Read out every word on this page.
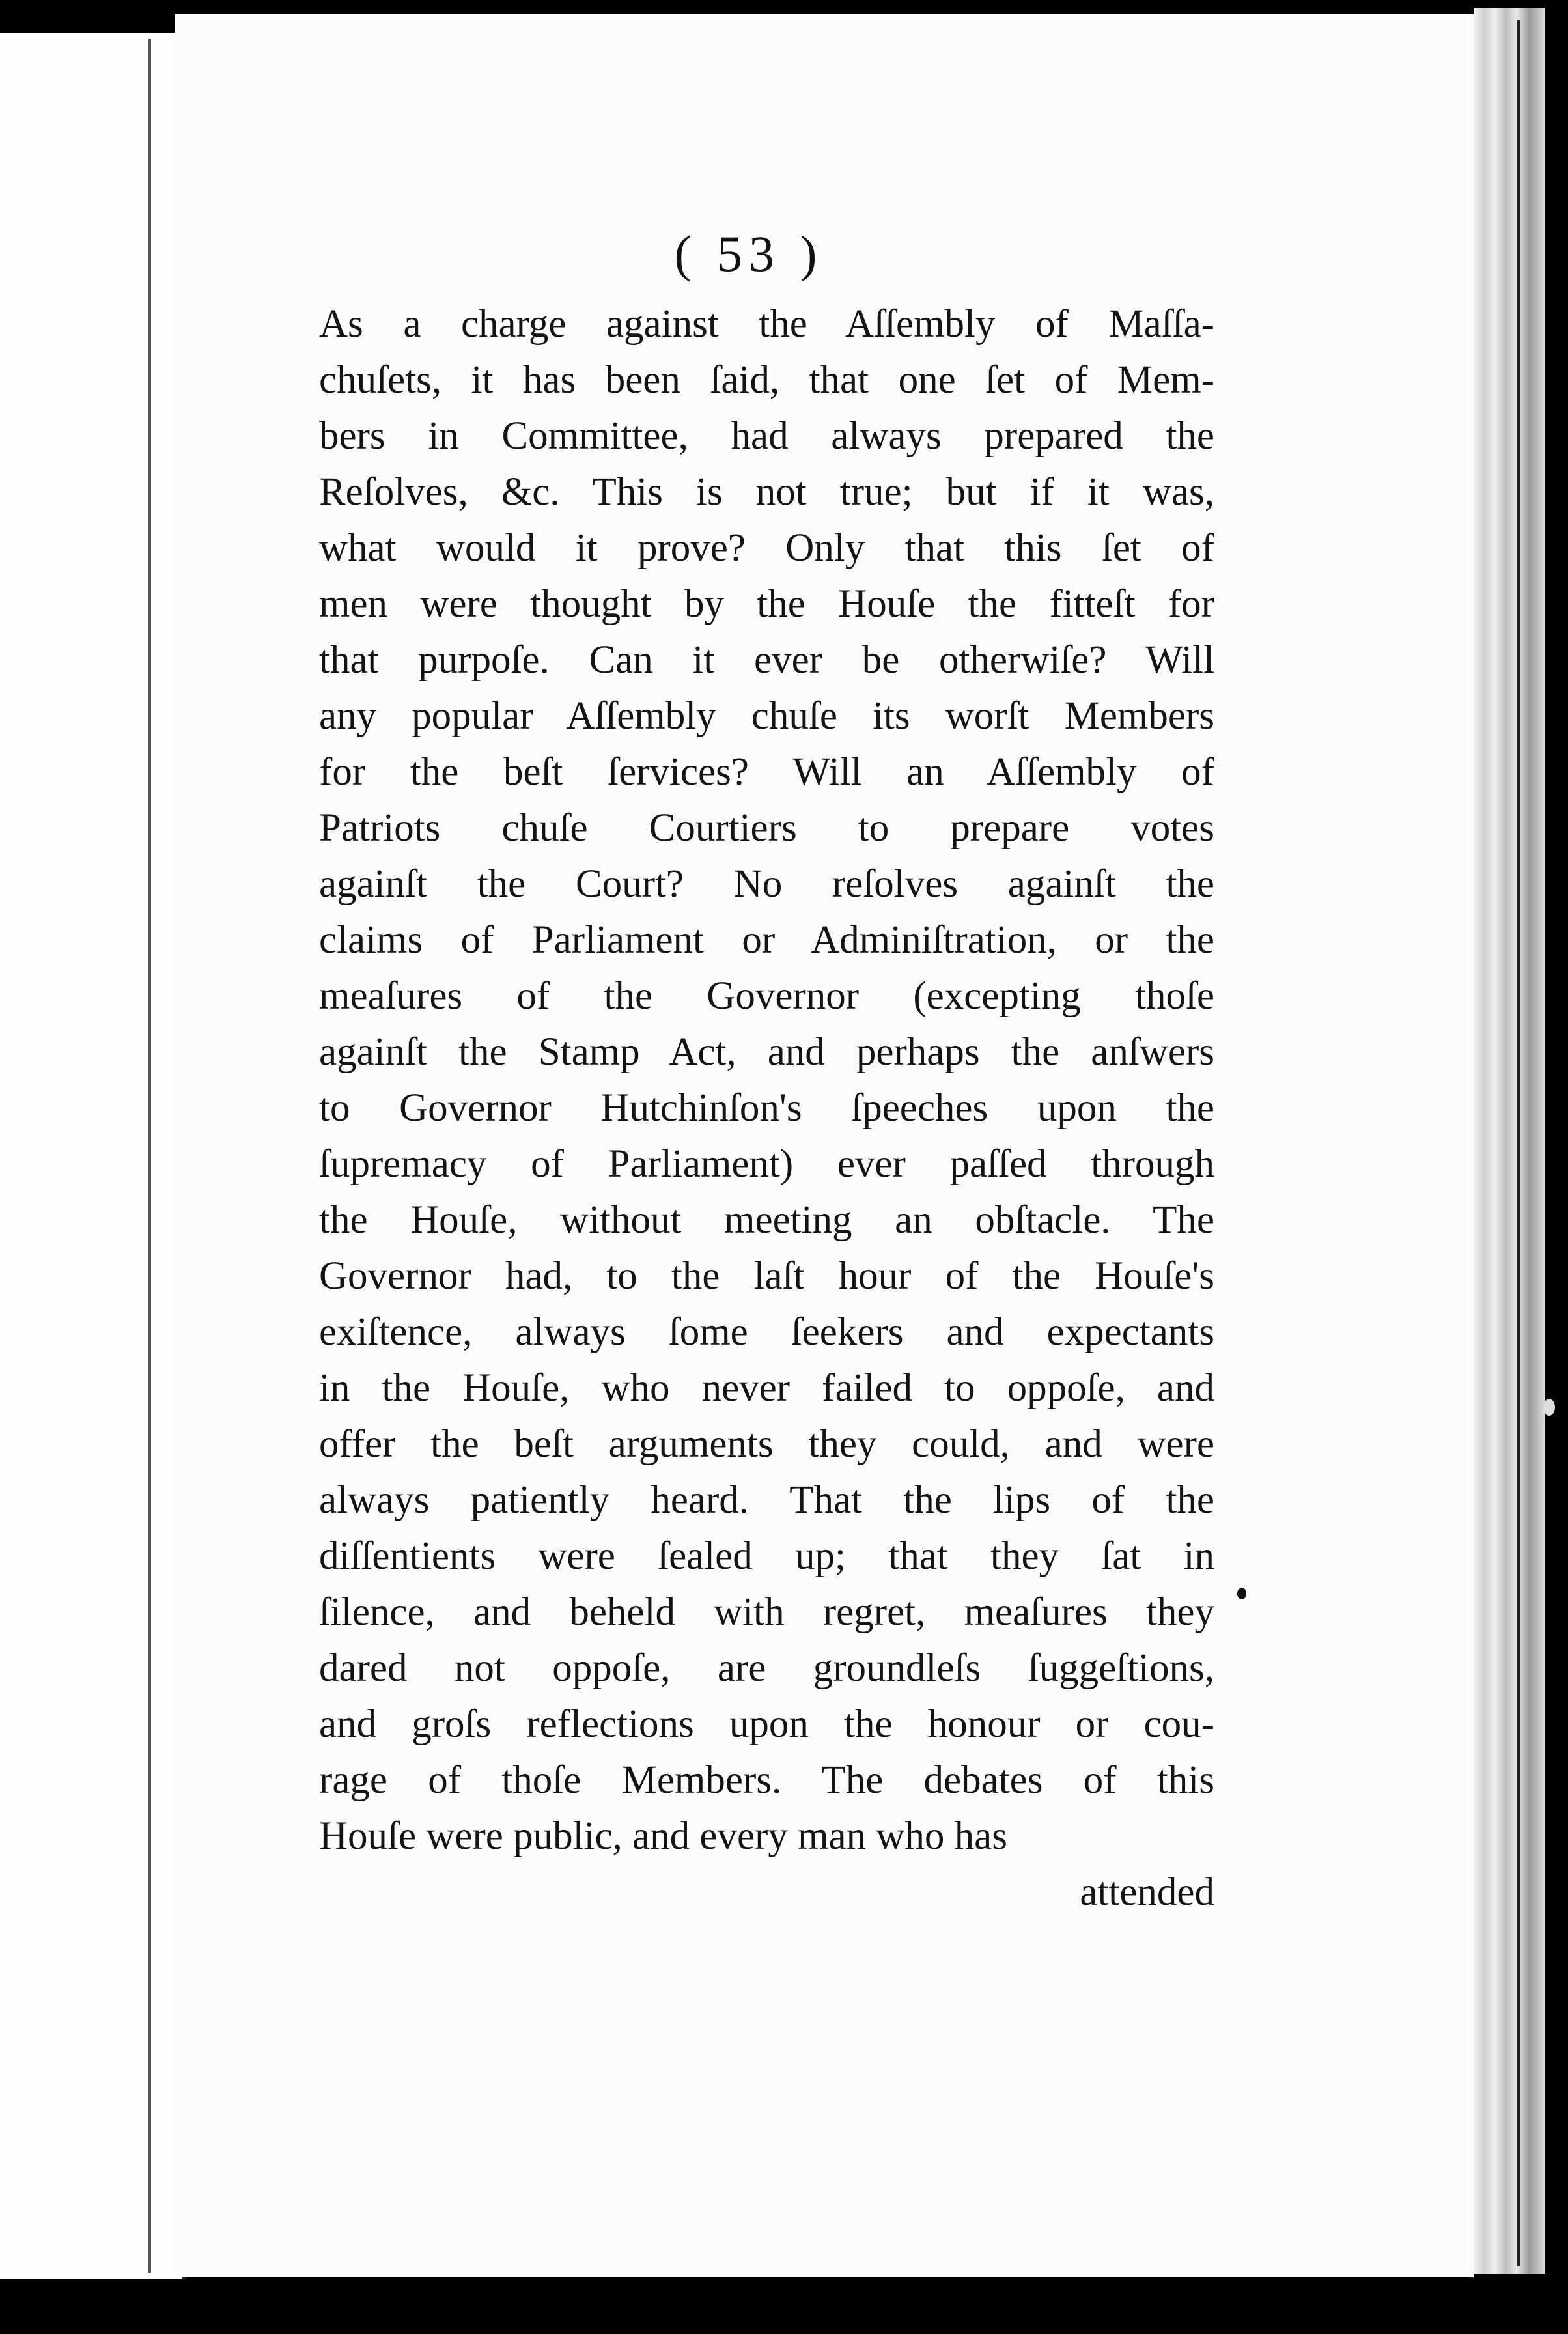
( 53 )
As a charge against the Aſſembly of Maſſa-
chuſets, it has been ſaid, that one ſet of Mem-
bers in Committee, had always prepared the
Reſolves, &c. This is not true; but if it was,
what would it prove? Only that this ſet of
men were thought by the Houſe the fitteſt for
that purpoſe. Can it ever be otherwiſe? Will
any popular Aſſembly chuſe its worſt Members
for the beſt ſervices? Will an Aſſembly of
Patriots chuſe Courtiers to prepare votes
againſt the Court? No reſolves againſt the
claims of Parliament or Adminiſtration, or the
meaſures of the Governor (excepting thoſe
againſt the Stamp Act, and perhaps the anſwers
to Governor Hutchinſon's ſpeeches upon the
ſupremacy of Parliament) ever paſſed through
the Houſe, without meeting an obſtacle. The
Governor had, to the laſt hour of the Houſe's
exiſtence, always ſome ſeekers and expectants
in the Houſe, who never failed to oppoſe, and
offer the beſt arguments they could, and were
always patiently heard. That the lips of the
diſſentients were ſealed up; that they ſat in
ſilence, and beheld with regret, meaſures they
dared not oppoſe, are groundleſs ſuggeſtions,
and groſs reflections upon the honour or cou-
rage of thoſe Members. The debates of this
Houſe were public, and every man who has
attended
